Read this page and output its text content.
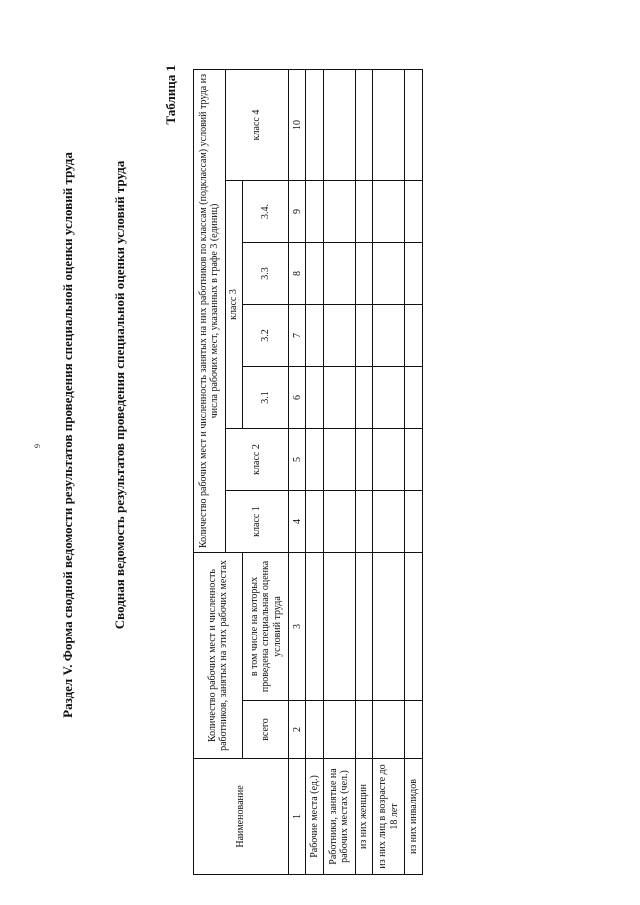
9 Раздел V. Форма сводной ведомости результатов проведения специальной оценки условий труда	Сводная ведомость результатов проведения специальной оценки условий труда
Таблица 1
Наименование	Количество рабочих мест и численность работников, занятых на этих рабочих местах		Количество рабочих мест и численность занятых на них работников по классам (подклассам) условий труда из числа рабочих мест, указанных в графе 3 (единиц)						
			класс 1	класс 2	класс 3				класс 4
	всего	в том числе на которых проведена специальная оценка условий труда			3.1	3.2	3.3	3.4.	
1	2	3	4	5	6	7	8	9	10
Рабочие места (ед.)									
Работники, занятые на рабочих местах (чел.)									
из них женщин									
из них лиц в возрасте до 18 лет									
из них инвалидов									
